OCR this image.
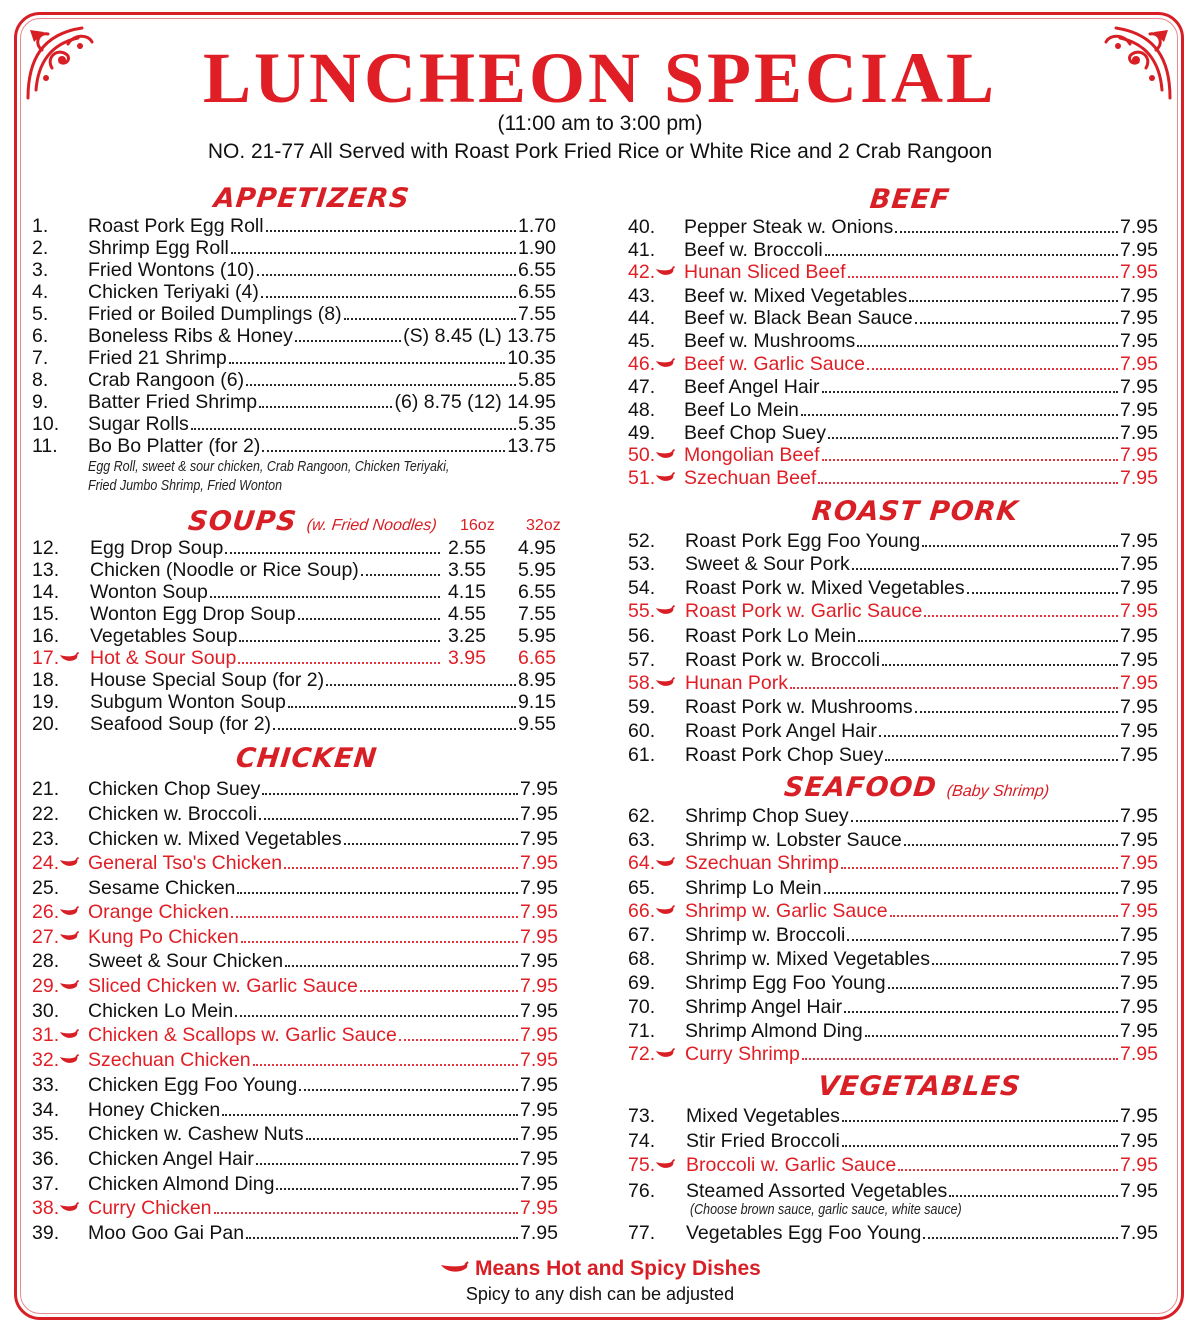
LUNCHEON SPECIAL
(11:00 am to 3:00 pm)
NO. 21-77 All Served with Roast Pork Fried Rice or White Rice and 2 Crab Rangoon
APPETIZERS
SOUPS (w. Fried Noodles) 16oz 32oz
CHICKEN
BEEF
ROAST PORK
SEAFOOD (Baby Shrimp)
VEGETABLES
1.	Roast Pork Egg Roll	1.70
2.	Shrimp Egg Roll	1.90
3.	Fried Wontons (10)	6.55
4.	Chicken Teriyaki (4)	6.55
5.	Fried or Boiled Dumplings (8)	7.55
6.	Boneless Ribs & Honey	(S) 8.45 (L) 13.75
7.	Fried 21 Shrimp	10.35
8.	Crab Rangoon (6)	5.85
9.	Batter Fried Shrimp	(6) 8.75 (12) 14.95
10.	Sugar Rolls	5.35
11.	Bo Bo Platter (for 2)	13.75
12.	Egg Drop Soup	2.55	4.95
13.	Chicken (Noodle or Rice Soup)	3.55	5.95
14.	Wonton Soup	4.15	6.55
15.	Wonton Egg Drop Soup	4.55	7.55
16.	Vegetables Soup	3.25	5.95
17.	Hot & Sour Soup	3.95	6.65
18.	House Special Soup (for 2)	8.95
19.	Subgum Wonton Soup	9.15
20.	Seafood Soup (for 2)	9.55
21.	Chicken Chop Suey	7.95
22.	Chicken w. Broccoli	7.95
23.	Chicken w. Mixed Vegetables	7.95
24.	General Tso's Chicken	7.95
25.	Sesame Chicken	7.95
26.	Orange Chicken	7.95
27.	Kung Po Chicken	7.95
28.	Sweet & Sour Chicken	7.95
29.	Sliced Chicken w. Garlic Sauce	7.95
30.	Chicken Lo Mein	7.95
31.	Chicken & Scallops w. Garlic Sauce	7.95
32.	Szechuan Chicken	7.95
33.	Chicken Egg Foo Young	7.95
34.	Honey Chicken	7.95
35.	Chicken w. Cashew Nuts	7.95
36.	Chicken Angel Hair	7.95
37.	Chicken Almond Ding	7.95
38.	Curry Chicken	7.95
39.	Moo Goo Gai Pan	7.95
40.	Pepper Steak w. Onions	7.95
41.	Beef w. Broccoli	7.95
42.	Hunan Sliced Beef	7.95
43.	Beef w. Mixed Vegetables	7.95
44.	Beef w. Black Bean Sauce	7.95
45.	Beef w. Mushrooms	7.95
46.	Beef w. Garlic Sauce	7.95
47.	Beef Angel Hair	7.95
48.	Beef Lo Mein	7.95
49.	Beef Chop Suey	7.95
50.	Mongolian Beef	7.95
51.	Szechuan Beef	7.95
52.	Roast Pork Egg Foo Young	7.95
53.	Sweet & Sour Pork	7.95
54.	Roast Pork w. Mixed Vegetables	7.95
55.	Roast Pork w. Garlic Sauce	7.95
56.	Roast Pork Lo Mein	7.95
57.	Roast Pork w. Broccoli	7.95
58.	Hunan Pork	7.95
59.	Roast Pork w. Mushrooms	7.95
60.	Roast Pork Angel Hair	7.95
61.	Roast Pork Chop Suey	7.95
62.	Shrimp Chop Suey	7.95
63.	Shrimp w. Lobster Sauce	7.95
64.	Szechuan Shrimp	7.95
65.	Shrimp Lo Mein	7.95
66.	Shrimp w. Garlic Sauce	7.95
67.	Shrimp w. Broccoli	7.95
68.	Shrimp w. Mixed Vegetables	7.95
69.	Shrimp Egg Foo Young	7.95
70.	Shrimp Angel Hair	7.95
71.	Shrimp Almond Ding	7.95
72.	Curry Shrimp	7.95
73.	Mixed Vegetables	7.95
74.	Stir Fried Broccoli	7.95
75.	Broccoli w. Garlic Sauce	7.95
76.	Steamed Assorted Vegetables	7.95
77.	Vegetables Egg Foo Young	7.95
Egg Roll, sweet & sour chicken, Crab Rangoon, Chicken Teriyaki,
Fried Jumbo Shrimp, Fried Wonton
(Choose brown sauce, garlic sauce, white sauce)
Means Hot and Spicy Dishes
Spicy to any dish can be adjusted
